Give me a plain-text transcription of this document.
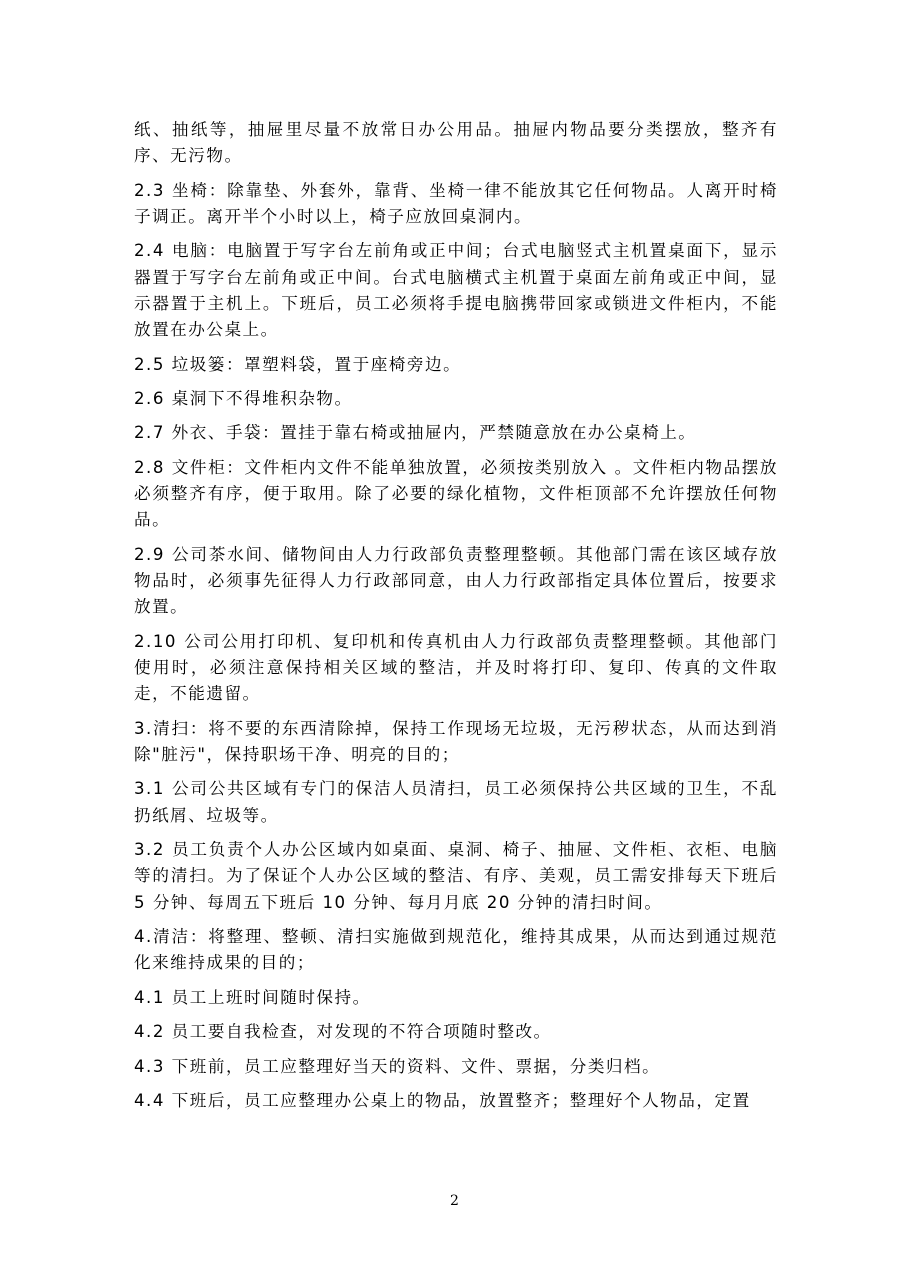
纸、抽纸等，抽屉里尽量不放常日办公用品。抽屉内物品要分类摆放，整齐有序、无污物。

2.3 坐椅：除靠垫、外套外，靠背、坐椅一律不能放其它任何物品。人离开时椅子调正。离开半个小时以上，椅子应放回桌洞内。

2.4 电脑：电脑置于写字台左前角或正中间；台式电脑竖式主机置桌面下，显示器置于写字台左前角或正中间。台式电脑横式主机置于桌面左前角或正中间，显示器置于主机上。下班后，员工必须将手提电脑携带回家或锁进文件柜内，不能放置在办公桌上。

2.5 垃圾篓：罩塑料袋，置于座椅旁边。

2.6 桌洞下不得堆积杂物。

2.7 外衣、手袋：置挂于靠右椅或抽屉内，严禁随意放在办公桌椅上。

2.8 文件柜：文件柜内文件不能单独放置，必须按类别放入 。文件柜内物品摆放必须整齐有序，便于取用。除了必要的绿化植物，文件柜顶部不允许摆放任何物品。

2.9 公司茶水间、储物间由人力行政部负责整理整顿。其他部门需在该区域存放物品时，必须事先征得人力行政部同意，由人力行政部指定具体位置后，按要求放置。

2.10 公司公用打印机、复印机和传真机由人力行政部负责整理整顿。其他部门使用时，必须注意保持相关区域的整洁，并及时将打印、复印、传真的文件取走，不能遗留。

3.清扫：将不要的东西清除掉，保持工作现场无垃圾，无污秽状态，从而达到消除"脏污"，保持职场干净、明亮的目的；

3.1 公司公共区域有专门的保洁人员清扫，员工必须保持公共区域的卫生，不乱扔纸屑、垃圾等。

3.2 员工负责个人办公区域内如桌面、桌洞、椅子、抽屉、文件柜、衣柜、电脑等的清扫。为了保证个人办公区域的整洁、有序、美观，员工需安排每天下班后 5 分钟、每周五下班后 10 分钟、每月月底 20 分钟的清扫时间。

4.清洁：将整理、整顿、清扫实施做到规范化，维持其成果，从而达到通过规范化来维持成果的目的；

4.1 员工上班时间随时保持。

4.2 员工要自我检查，对发现的不符合项随时整改。

4.3 下班前，员工应整理好当天的资料、文件、票据，分类归档。

4.4 下班后，员工应整理办公桌上的物品，放置整齐；整理好个人物品，定置

2
